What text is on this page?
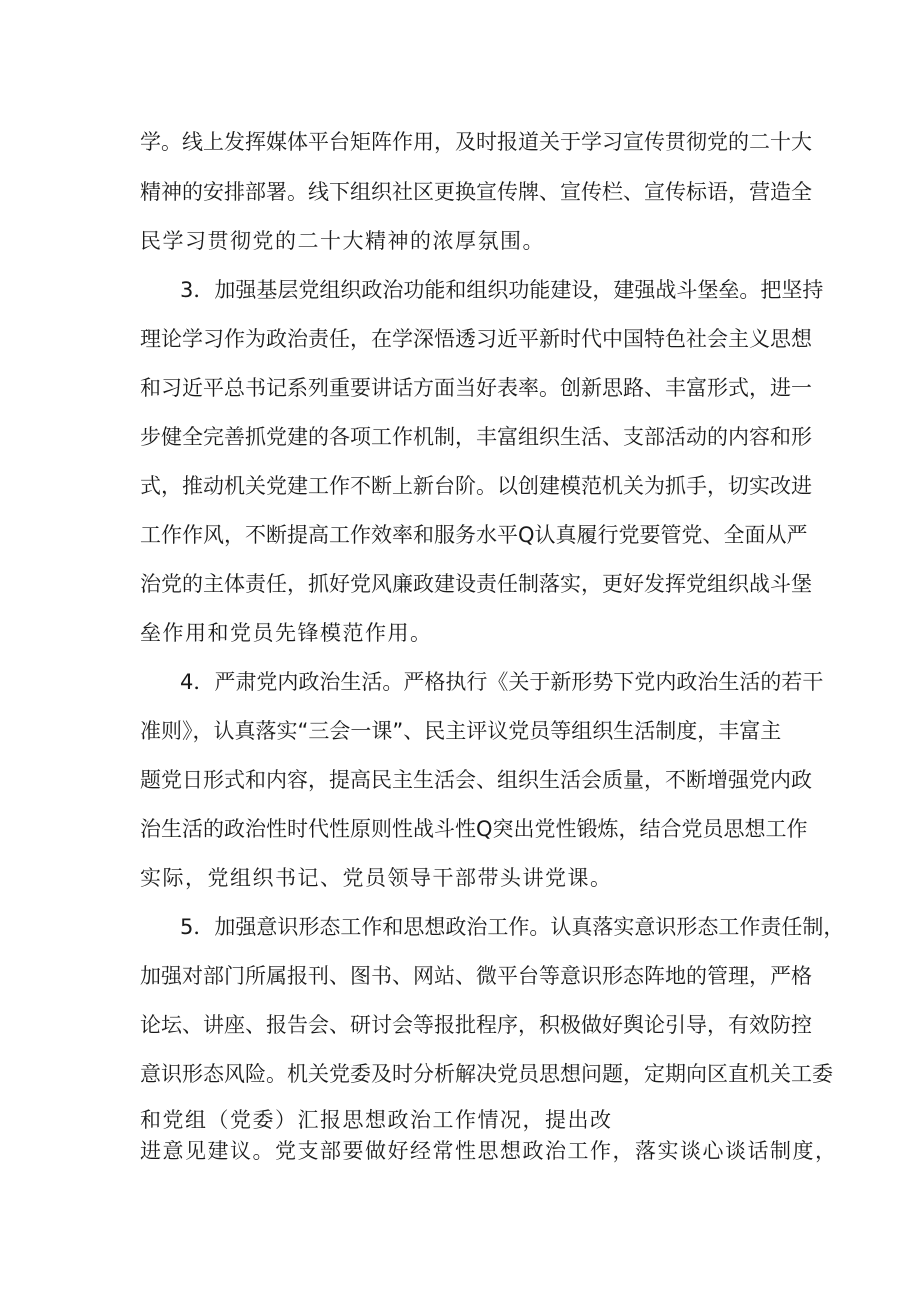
学。线上发挥媒体平台矩阵作用，及时报道关于学习宣传贯彻党的二十大

精神的安排部署。线下组织社区更换宣传牌、宣传栏、宣传标语，营造全

民学习贯彻党的二十大精神的浓厚氛围。

3．加强基层党组织政治功能和组织功能建设，建强战斗堡垒。把坚持

理论学习作为政治责任，在学深悟透习近平新时代中国特色社会主义思想

和习近平总书记系列重要讲话方面当好表率。创新思路、丰富形式，进一

步健全完善抓党建的各项工作机制，丰富组织生活、支部活动的内容和形

式，推动机关党建工作不断上新台阶。以创建模范机关为抓手，切实改进

工作作风，不断提高工作效率和服务水平Q认真履行党要管党、全面从严

治党的主体责任，抓好党风廉政建设责任制落实，更好发挥党组织战斗堡

垒作用和党员先锋模范作用。

4．严肃党内政治生活。严格执行《关于新形势下党内政治生活的若干

准则》，认真落实“三会一课”、民主评议党员等组织生活制度，丰富主

题党日形式和内容，提高民主生活会、组织生活会质量，不断增强党内政

治生活的政治性时代性原则性战斗性Q突出党性锻炼，结合党员思想工作

实际，党组织书记、党员领导干部带头讲党课。

5．加强意识形态工作和思想政治工作。认真落实意识形态工作责任制，

加强对部门所属报刊、图书、网站、微平台等意识形态阵地的管理，严格

论坛、讲座、报告会、研讨会等报批程序，积极做好舆论引导，有效防控

意识形态风险。机关党委及时分析解决党员思想问题，定期向区直机关工委

和党组（党委）汇报思想政治工作情况，提出改

进意见建议。党支部要做好经常性思想政治工作，落实谈心谈话制度，
